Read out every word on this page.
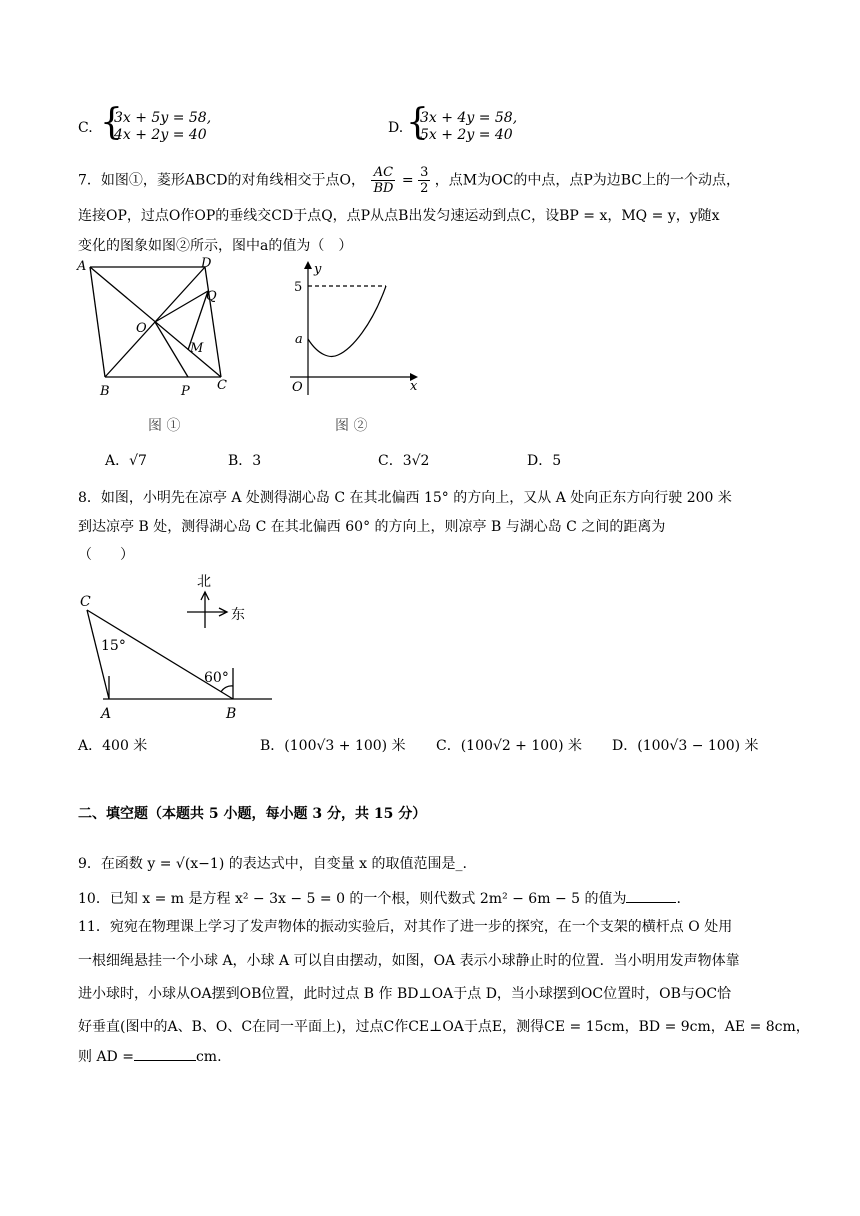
C. {
3x + 5y = 58,
4x + 2y = 40	D. {
3x + 4y = 58,
5x + 2y = 40
7．如图①，菱形ABCD的对角线相交于点O， $\frac{AC}{BD} = \frac{3}{2}$ ，点M为OC的中点，点P为边BC上的一个动点，
连接OP，过点O作OP的垂线交CD于点Q，点P从点B出发匀速运动到点C，设BP = x，MQ = y，y随x
变化的图象如图②所示，图中a的值为（　）
A	D
Q
O
M
B	P C
图 ①
y
x
O
5
a
图 ②
A．√7	B．3	C．3√2	D．5
8．如图，小明先在凉亭 A 处测得湖心岛 C 在其北偏西 15° 的方向上，又从 A 处向正东方向行驶 200 米
到达凉亭 B 处，测得湖心岛 C 在其北偏西 60° 的方向上，则凉亭 B 与湖心岛 C 之间的距离为
（　　）
C
A	B
15°
60°
北
东
A．400 米	B．(100√3 + 100) 米 C．(100√2 + 100) 米 D．(100√3 − 100) 米
二、填空题（本题共 5 小题，每小题 3 分，共 15 分）
9．在函数 y = √(x−1) 的表达式中，自变量 x 的取值范围是_.
10．已知 x = m 是方程 x² − 3x − 5 = 0 的一个根，则代数式 2m² − 6m − 5 的值为	.
11．宛宛在物理课上学习了发声物体的振动实验后，对其作了进一步的探究，在一个支架的横杆点 O 处用
一根细绳悬挂一个小球 A，小球 A 可以自由摆动，如图，OA 表示小球静止时的位置．当小明用发声物体靠
进小球时，小球从OA摆到OB位置，此时过点 B 作 BD⊥OA于点 D，当小球摆到OC位置时，OB与OC恰
好垂直(图中的A、B、O、C在同一平面上)，过点C作CE⊥OA于点E，测得CE = 15cm，BD = 9cm，AE = 8cm，
则 AD =	cm.
